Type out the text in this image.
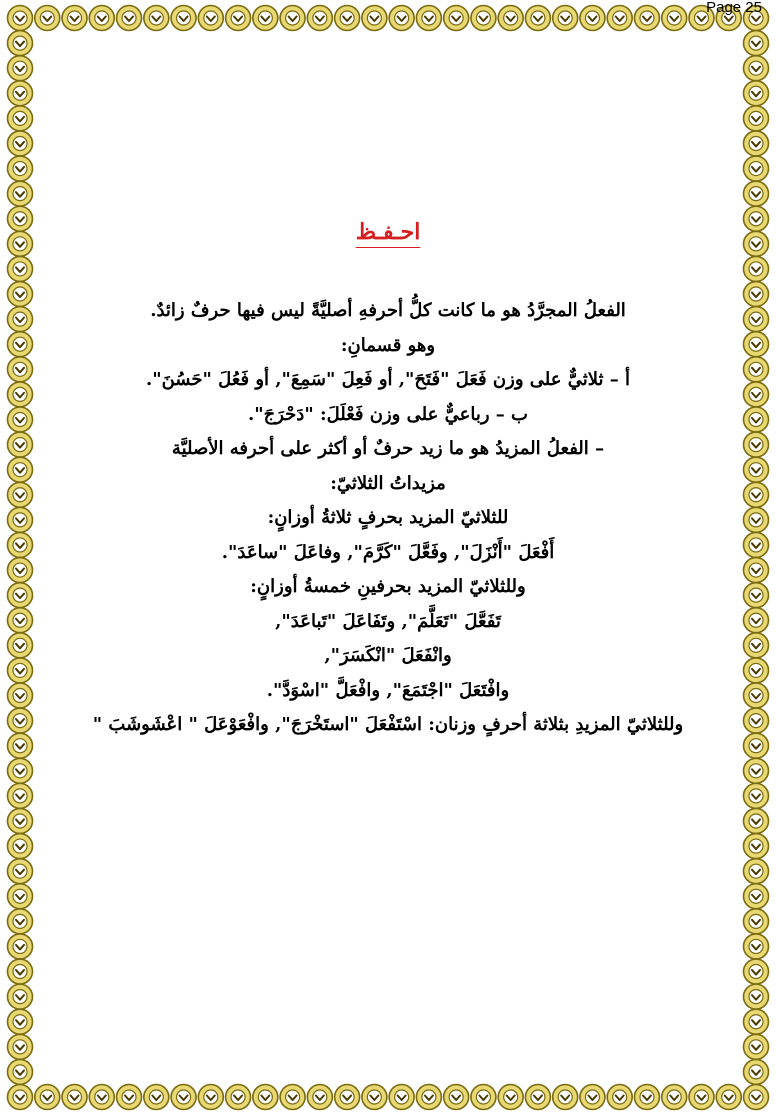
Page 25
احـفـظ
الفعلُ المجرَّدُ هو ما كانت كلُّ أحرفهِ أصليَّةً ليس فيها حرفٌ زائدٌ.
وهو قسمانِ:
أ – ثلاثيٌّ على وزن فَعَلَ "فَتَحَ", أو فَعِلَ "سَمِعَ", أو فَعُلَ "حَسُنَ".
ب – رباعيٌّ على وزن فَعْلَلَ: "دَحْرَجَ".
– الفعلُ المزيدُ هو ما زيد حرفٌ أو أكثر على أحرفه الأصليَّة
مزيداتُ الثلاثيّ:
للثلاثيّ المزيد بحرفٍ ثلاثةُ أوزانٍ:
أَفْعَلَ "أَنْزَلَ", وفَعَّلَ "كَرَّمَ", وفاعَلَ "ساعَدَ".
وللثلاثيّ المزيد بحرفينِ خمسةُ أوزانٍ:
تَفَعَّلَ "تَعَلَّمَ", وتَفَاعَلَ "تَباعَدَ",
وانْفَعَلَ "انْكَسَرَ",
وافْتَعَلَ "اجْتَمَعَ", وافْعَلَّ "اسْوَدَّ".
وللثلاثيّ المزيدِ بثلاثة أحرفٍ وزنان: اسْتَفْعَلَ "استَخْرَجَ", وافْعَوْعَلَ " اعْشَوشَبَ "
